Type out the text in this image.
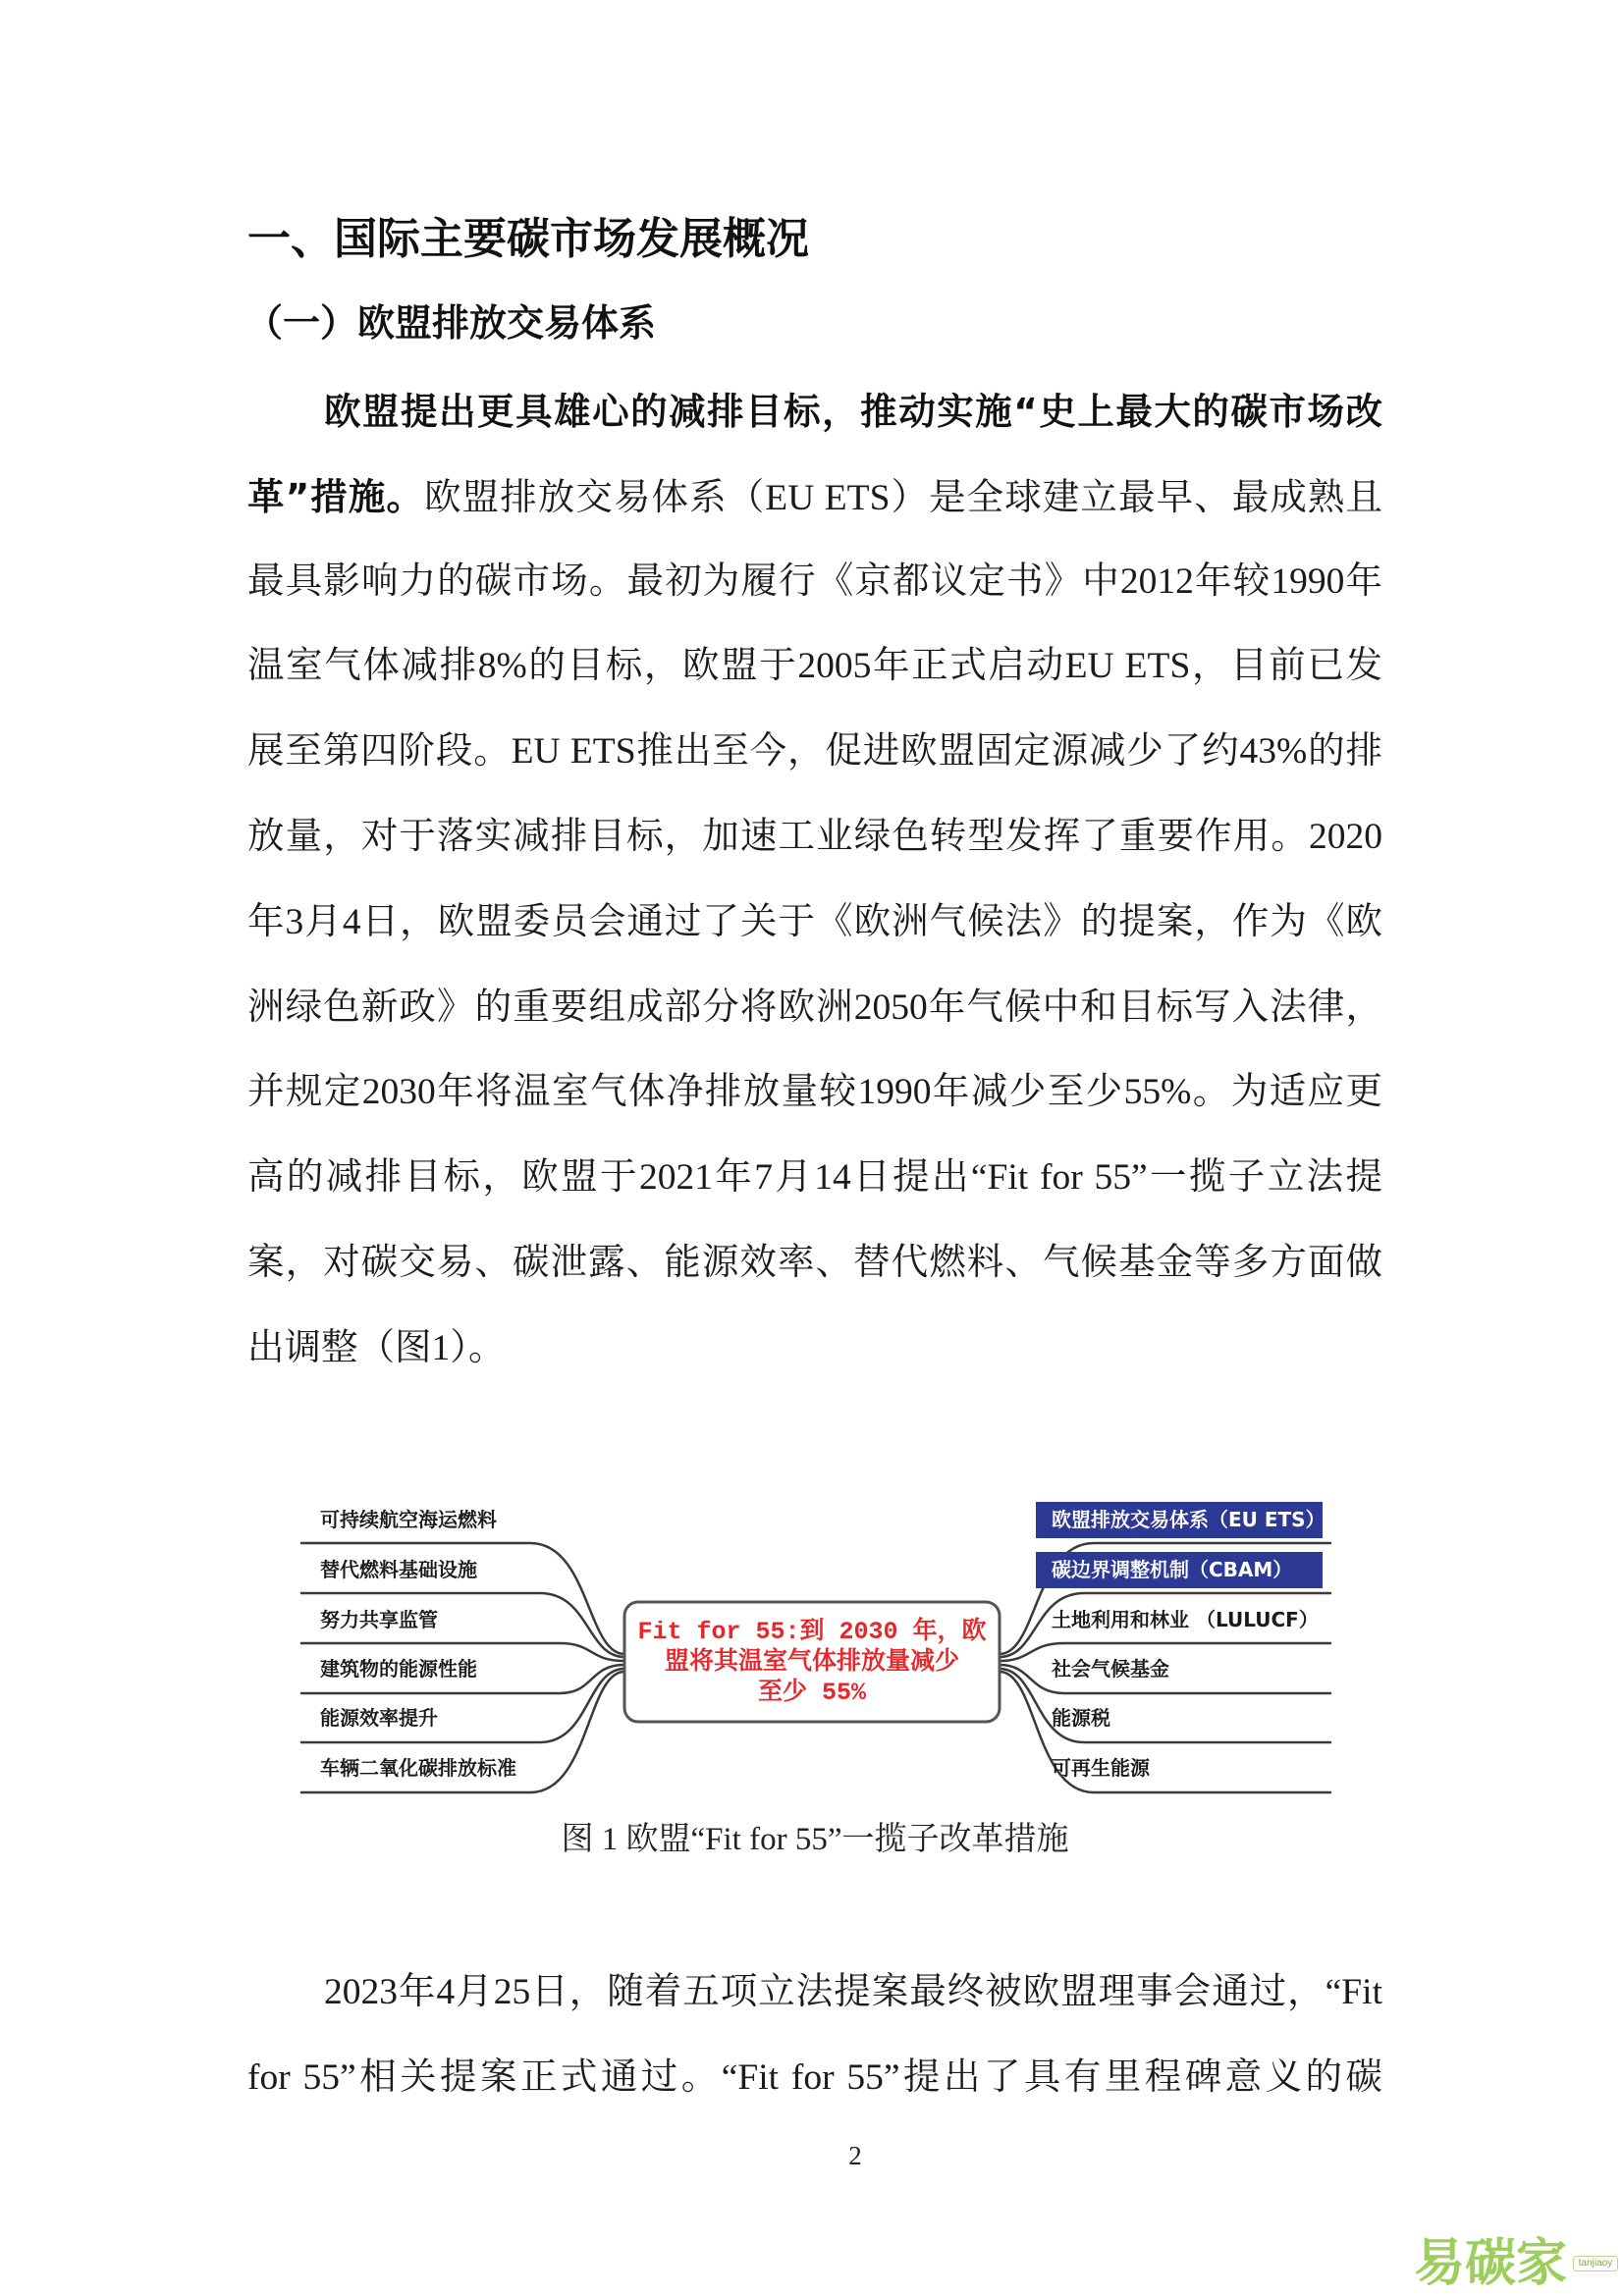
一、国际主要碳市场发展概况
（一）欧盟排放交易体系
欧盟提出更具雄心的减排目标，推动实施“史上最大的碳市场改
革”措施。欧盟排放交易体系（EU ETS）是全球建立最早、最成熟且
最具影响力的碳市场。最初为履行《京都议定书》中2012年较1990年
温室气体减排8%的目标，欧盟于2005年正式启动EU ETS，目前已发
展至第四阶段。EU ETS推出至今，促进欧盟固定源减少了约43%的排
放量，对于落实减排目标，加速工业绿色转型发挥了重要作用。2020
年3月4日，欧盟委员会通过了关于《欧洲气候法》的提案，作为《欧
洲绿色新政》的重要组成部分将欧洲2050年气候中和目标写入法律，
并规定2030年将温室气体净排放量较1990年减少至少55%。为适应更
高的减排目标，欧盟于2021年7月14日提出“Fit for 55”一揽子立法提
案，对碳交易、碳泄露、能源效率、替代燃料、气候基金等多方面做
出调整（图1）。
Fit for 55:到 2030 年，欧
盟将其温室气体排放量减少
至少 55%
可持续航空海运燃料
替代燃料基础设施
努力共享监管
建筑物的能源性能
能源效率提升
车辆二氧化碳排放标准
欧盟排放交易体系（EU ETS）
碳边界调整机制（CBAM）
土地利用和林业 （LULUCF）
社会气候基金
能源税
可再生能源
图 1 欧盟“Fit for 55”一揽子改革措施
2023年4月25日，随着五项立法提案最终被欧盟理事会通过，“Fit
for 55”相关提案正式通过。“Fit for 55”提出了具有里程碑意义的碳
2
易碳家	tanjiaoy
